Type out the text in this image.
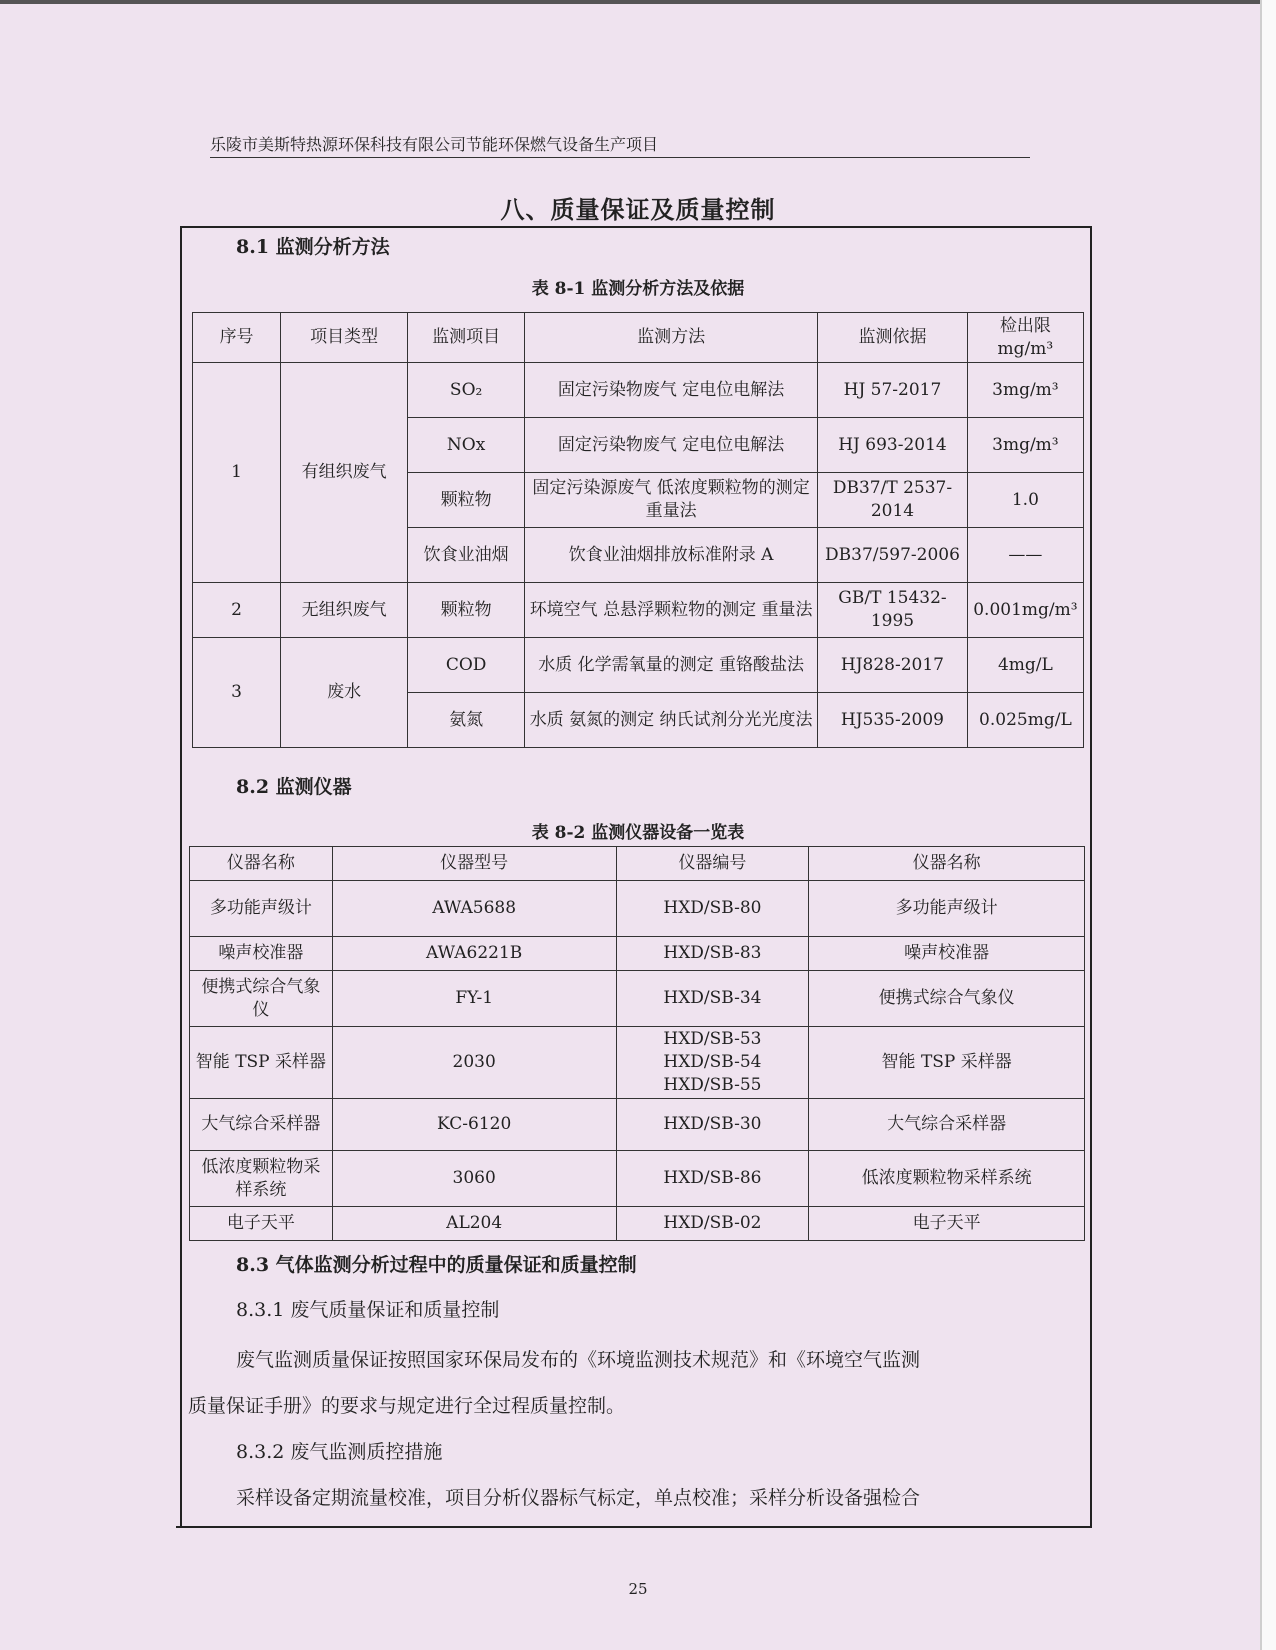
乐陵市美斯特热源环保科技有限公司节能环保燃气设备生产项目
八、质量保证及质量控制
8.1 监测分析方法
表 8-1 监测分析方法及依据
序号	项目类型	监测项目	监测方法	监测依据	检出限
mg/m³
1	有组织废气	SO₂	固定污染物废气 定电位电解法	HJ 57-2017	3mg/m³
		NOx	固定污染物废气 定电位电解法	HJ 693-2014	3mg/m³
		颗粒物	固定污染源废气 低浓度颗粒物的测定 重量法	DB37/T 2537-2014	1.0
		饮食业油烟	饮食业油烟排放标准附录 A	DB37/597-2006	——
2	无组织废气	颗粒物	环境空气 总悬浮颗粒物的测定 重量法	GB/T 15432-1995	0.001mg/m³
3	废水	COD	水质 化学需氧量的测定 重铬酸盐法	HJ828-2017	4mg/L
		氨氮	水质 氨氮的测定 纳氏试剂分光光度法	HJ535-2009	0.025mg/L
8.2 监测仪器
表 8-2 监测仪器设备一览表
仪器名称	仪器型号	仪器编号	仪器名称
多功能声级计	AWA5688	HXD/SB-80	多功能声级计
噪声校准器	AWA6221B	HXD/SB-83	噪声校准器
便携式综合气象仪	FY-1	HXD/SB-34	便携式综合气象仪
智能 TSP 采样器	2030	HXD/SB-53
HXD/SB-54
HXD/SB-55	智能 TSP 采样器
大气综合采样器	KC-6120	HXD/SB-30	大气综合采样器
低浓度颗粒物采样系统	3060	HXD/SB-86	低浓度颗粒物采样系统
电子天平	AL204	HXD/SB-02	电子天平
8.3 气体监测分析过程中的质量保证和质量控制
8.3.1 废气质量保证和质量控制
废气监测质量保证按照国家环保局发布的《环境监测技术规范》和《环境空气监测
质量保证手册》的要求与规定进行全过程质量控制。
8.3.2 废气监测质控措施
采样设备定期流量校准，项目分析仪器标气标定，单点校准；采样分析设备强检合
25
